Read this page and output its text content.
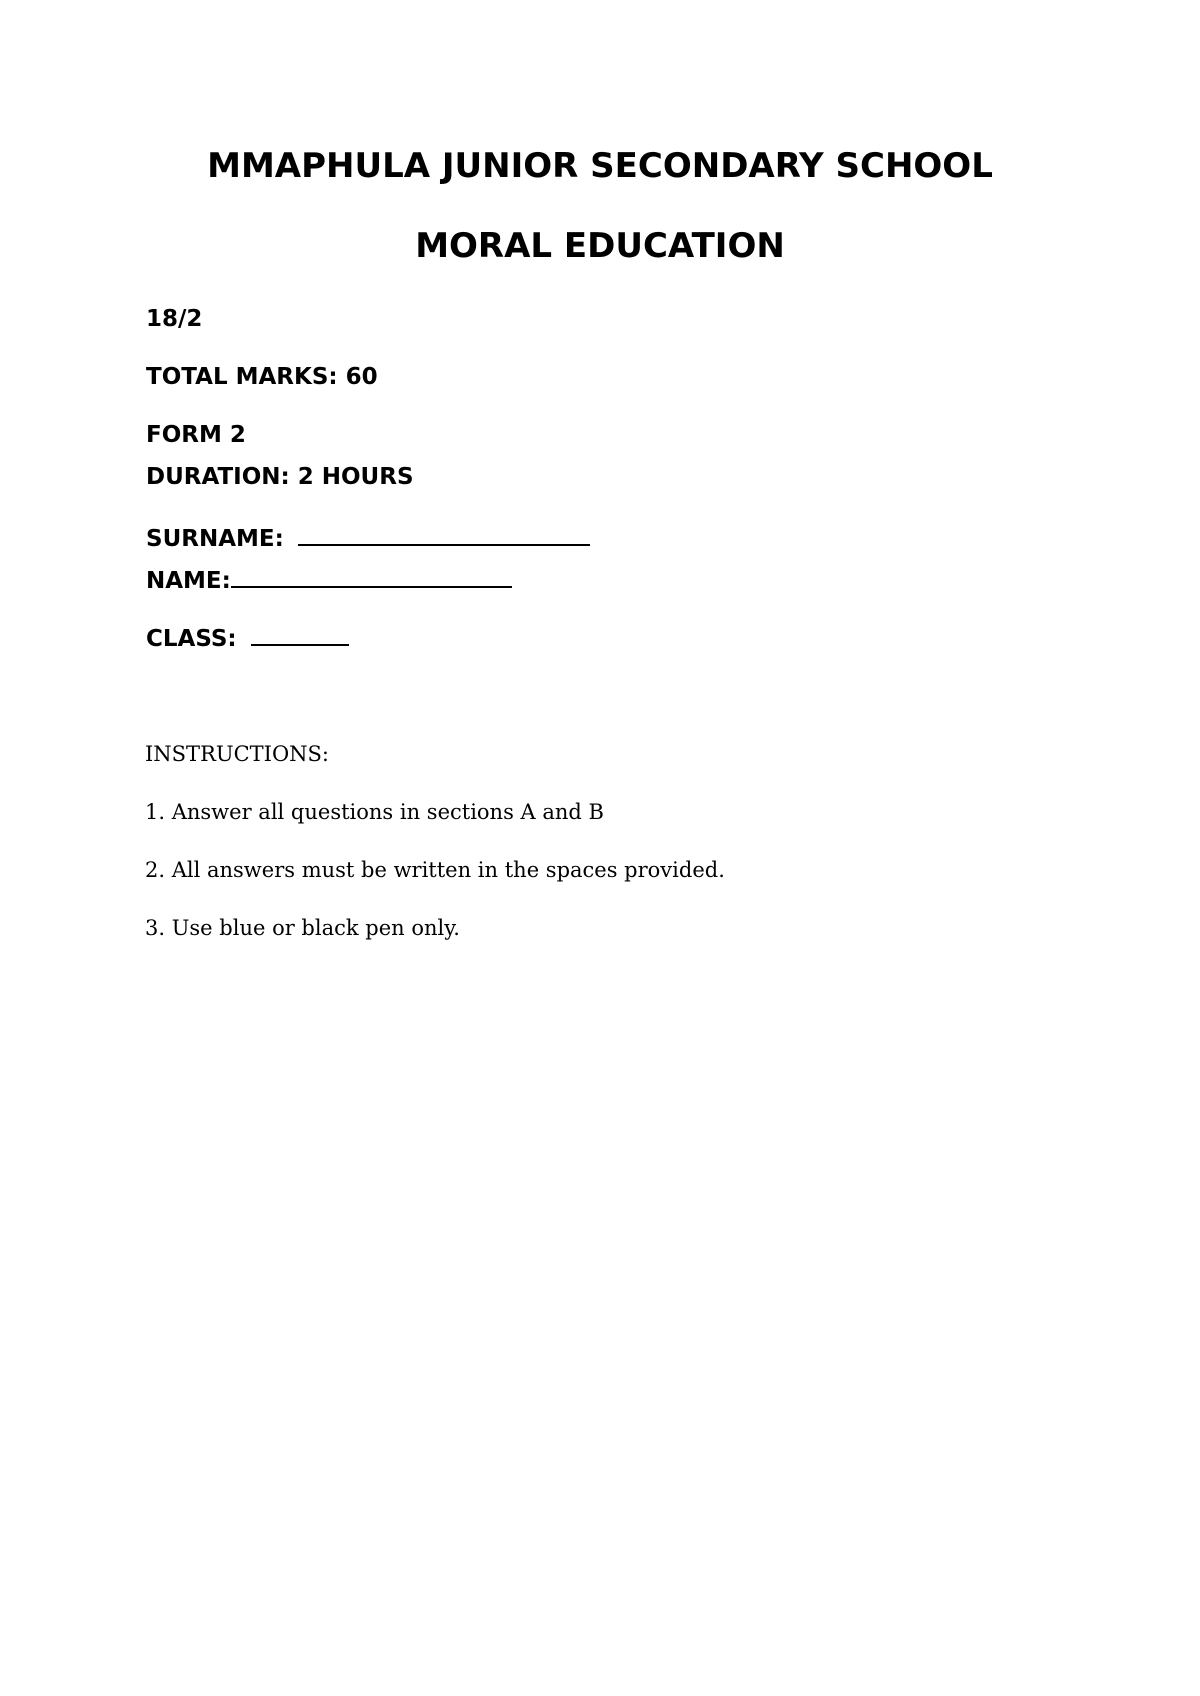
MMAPHULA JUNIOR SECONDARY SCHOOL
MORAL EDUCATION
18/2
TOTAL MARKS: 60
FORM 2
DURATION: 2 HOURS
SURNAME:
NAME:
CLASS:
INSTRUCTIONS:
1. Answer all questions in sections A and B
2. All answers must be written in the spaces provided.
3. Use blue or black pen only.
